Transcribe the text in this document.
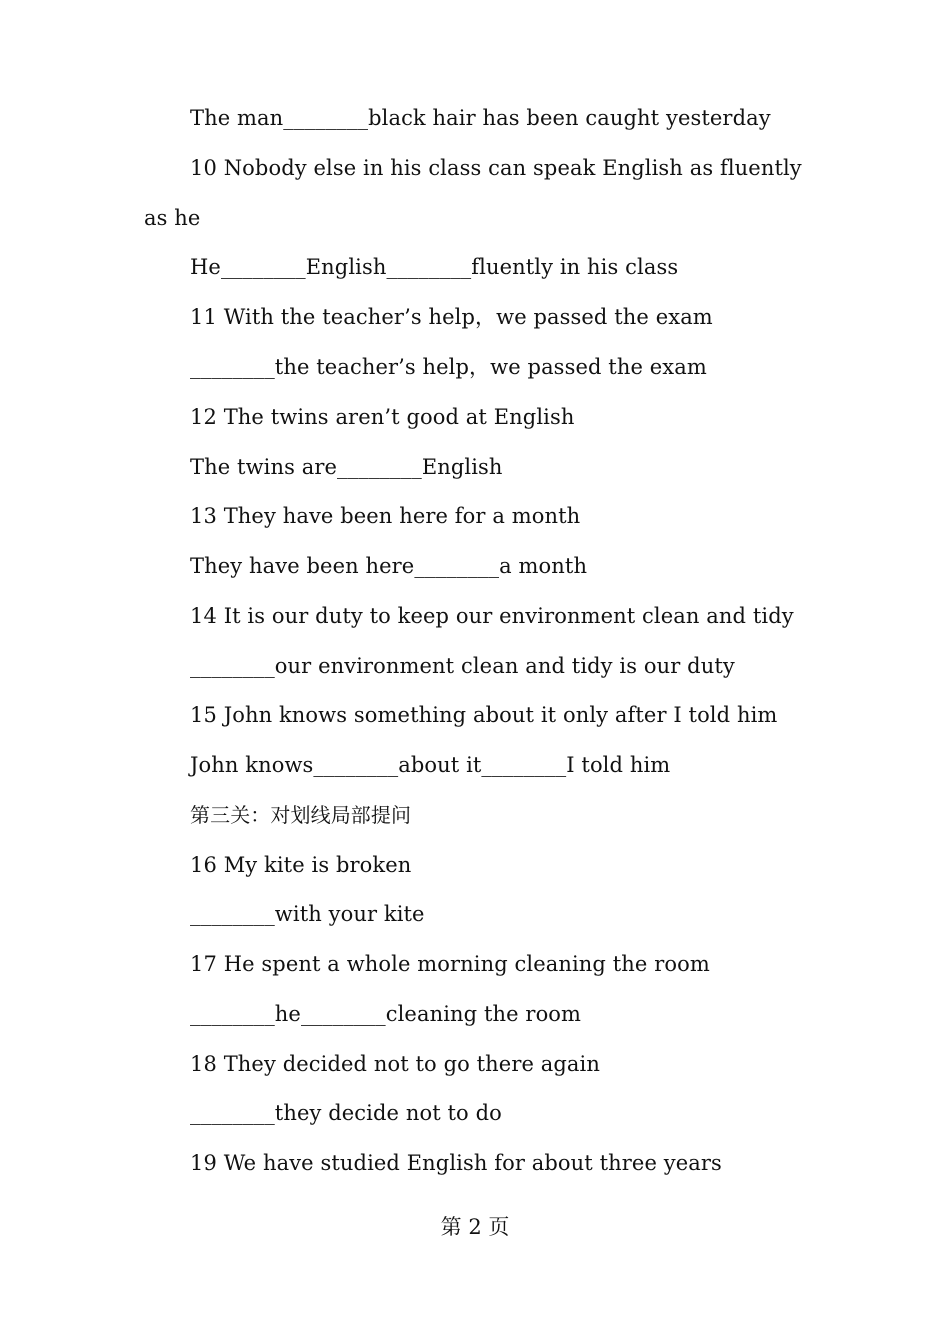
The man________black hair has been caught yesterday
10 Nobody else in his class can speak English as fluently
as he
He________English________fluently in his class
11 With the teacher’s help，we passed the exam
________the teacher’s help，we passed the exam
12 The twins aren’t good at English
The twins are________English
13 They have been here for a month
They have been here________a month
14 It is our duty to keep our environment clean and tidy
________our environment clean and tidy is our duty
15 John knows something about it only after I told him
John knows________about it________I told him
第三关：对划线局部提问
16 My kite is broken
________with your kite
17 He spent a whole morning cleaning the room
________he________cleaning the room
18 They decided not to go there again
________they decide not to do
19 We have studied English for about three years
第 2 页
